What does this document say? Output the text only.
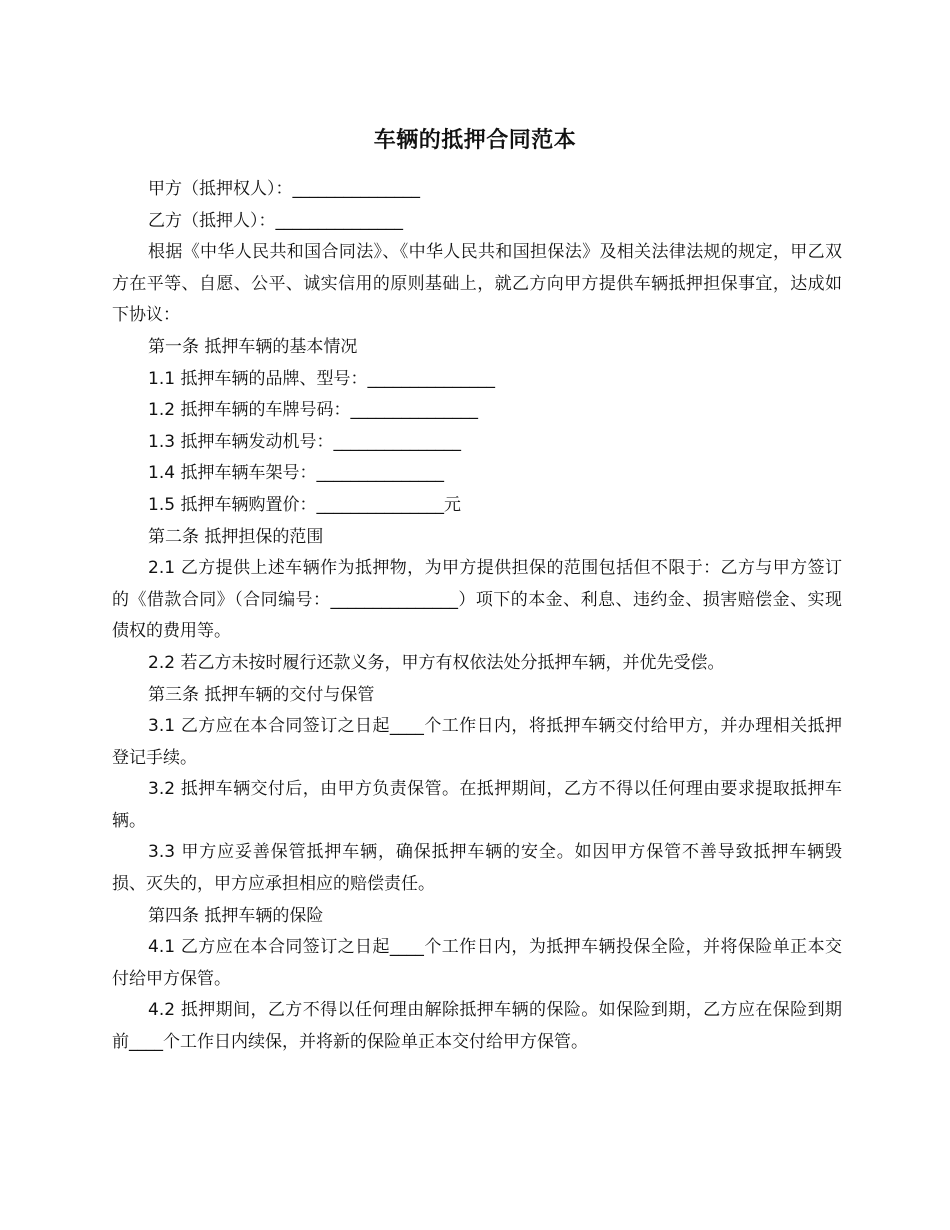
车辆的抵押合同范本

甲方（抵押权人）：_______________

乙方（抵押人）：_______________

根据《中华人民共和国合同法》、《中华人民共和国担保法》及相关法律法规的规定，甲乙双方在平等、自愿、公平、诚实信用的原则基础上，就乙方向甲方提供车辆抵押担保事宜，达成如下协议：

第一条 抵押车辆的基本情况

1.1 抵押车辆的品牌、型号：_______________

1.2 抵押车辆的车牌号码：_______________

1.3 抵押车辆发动机号：_______________

1.4 抵押车辆车架号：_______________

1.5 抵押车辆购置价：_______________元

第二条 抵押担保的范围

2.1 乙方提供上述车辆作为抵押物，为甲方提供担保的范围包括但不限于：乙方与甲方签订的《借款合同》（合同编号：_______________）项下的本金、利息、违约金、损害赔偿金、实现债权的费用等。

2.2 若乙方未按时履行还款义务，甲方有权依法处分抵押车辆，并优先受偿。

第三条 抵押车辆的交付与保管

3.1 乙方应在本合同签订之日起____个工作日内，将抵押车辆交付给甲方，并办理相关抵押登记手续。

3.2 抵押车辆交付后，由甲方负责保管。在抵押期间，乙方不得以任何理由要求提取抵押车辆。

3.3 甲方应妥善保管抵押车辆，确保抵押车辆的安全。如因甲方保管不善导致抵押车辆毁损、灭失的，甲方应承担相应的赔偿责任。

第四条 抵押车辆的保险

4.1 乙方应在本合同签订之日起____个工作日内，为抵押车辆投保全险，并将保险单正本交付给甲方保管。

4.2 抵押期间，乙方不得以任何理由解除抵押车辆的保险。如保险到期，乙方应在保险到期前____个工作日内续保，并将新的保险单正本交付给甲方保管。
